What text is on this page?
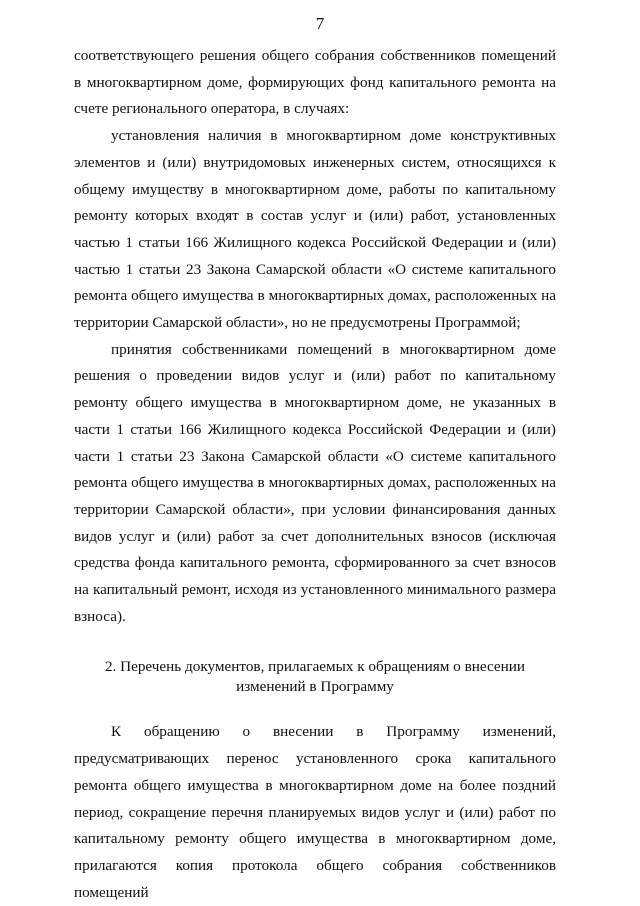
7

соответствующего решения общего собрания собственников помещений в многоквартирном доме, формирующих фонд капитального ремонта на счете регионального оператора, в случаях:

установления наличия в многоквартирном доме конструктивных элементов и (или) внутридомовых инженерных систем, относящихся к общему имуществу в многоквартирном доме, работы по капитальному ремонту которых входят в состав услуг и (или) работ, установленных частью 1 статьи 166 Жилищного кодекса Российской Федерации и (или) частью 1 статьи 23 Закона Самарской области «О системе капитального ремонта общего имущества в многоквартирных домах, расположенных на территории Самарской области», но не предусмотрены Программой;

принятия собственниками помещений в многоквартирном доме решения о проведении видов услуг и (или) работ по капитальному ремонту общего имущества в многоквартирном доме, не указанных в части 1 статьи 166 Жилищного кодекса Российской Федерации и (или) части 1 статьи 23 Закона Самарской области «О системе капитального ремонта общего имущества в многоквартирных домах, расположенных на территории Самарской области», при условии финансирования данных видов услуг и (или) работ за счет дополнительных взносов (исключая средства фонда капитального ремонта, сформированного за счет взносов на капитальный ремонт, исходя из установленного минимального размера взноса).

2. Перечень документов, прилагаемых к обращениям о внесении
изменений в Программу

К обращению о внесении в Программу изменений, предусматривающих перенос установленного срока капитального ремонта общего имущества в многоквартирном доме на более поздний период, сокращение перечня планируемых видов услуг и (или) работ по капитальному ремонту общего имущества в многоквартирном доме, прилагаются копия протокола общего собрания собственников помещений
